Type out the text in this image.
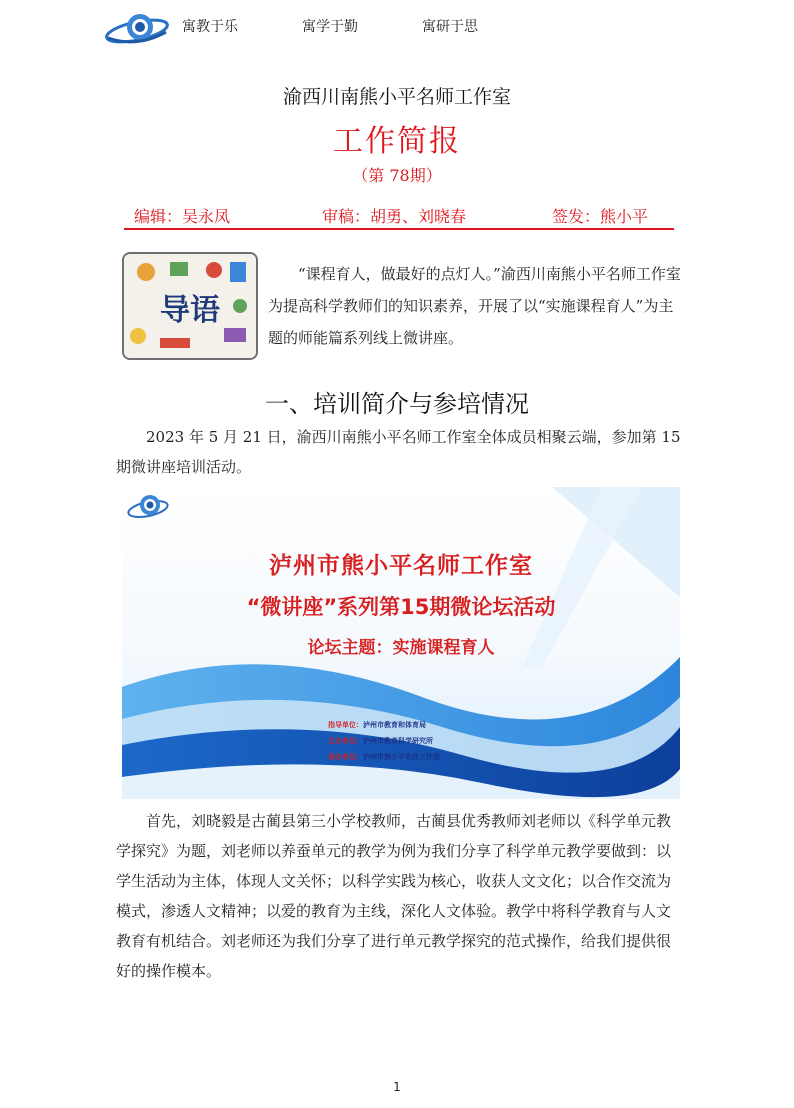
寓教于乐	寓学于勤	寓研于思
渝西川南熊小平名师工作室
工作简报
（第 78期）
编辑：吴永凤	审稿：胡勇、刘晓春	签发：熊小平
导语
“课程育人，做最好的点灯人。”渝西川南熊小平名师工作室为提高科学教师们的知识素养，开展了以“实施课程育人”为主题的师能篇系列线上微讲座。
一、培训简介与参培情况
2023 年 5 月 21 日，渝西川南熊小平名师工作室全体成员相聚云端，参加第 15 期微讲座培训活动。
泸州市熊小平名师工作室
“微讲座”系列第15期微论坛活动
论坛主题：实施课程育人
指导单位：泸州市教育和体育局
主办单位：泸州市教育科学研究所
承办单位：泸州市熊小平名师工作室
首先，刘晓毅是古蔺县第三小学校教师，古蔺县优秀教师刘老师以《科学单元教学探究》为题，刘老师以养蚕单元的教学为例为我们分享了科学单元教学要做到：以学生活动为主体，体现人文关怀；以科学实践为核心，收获人文文化；以合作交流为模式，渗透人文精神；以爱的教育为主线，深化人文体验。教学中将科学教育与人文教育有机结合。刘老师还为我们分享了进行单元教学探究的范式操作，给我们提供很好的操作模本。
1
